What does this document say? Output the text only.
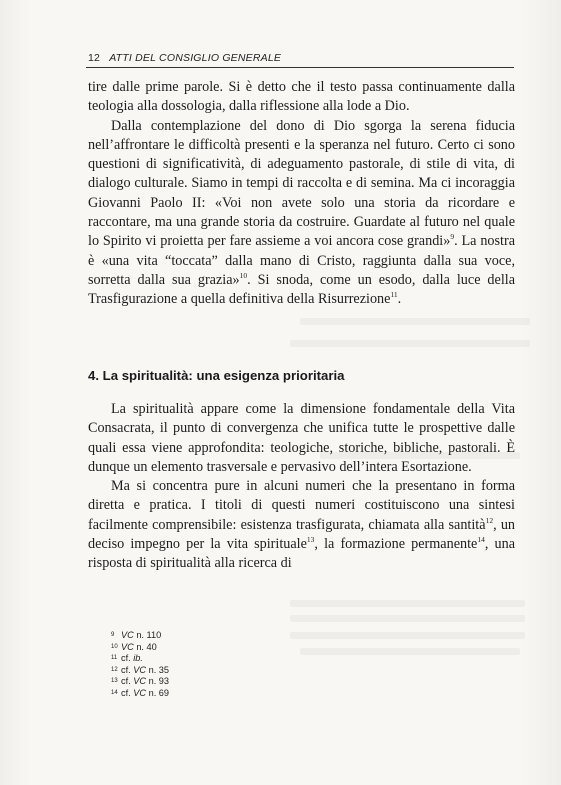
12 ATTI DEL CONSIGLIO GENERALE

tire dalle prime parole. Si è detto che il testo passa continuamente dalla teologia alla dossologia, dalla riflessione alla lode a Dio.

Dalla contemplazione del dono di Dio sgorga la serena fiducia nell’affrontare le difficoltà presenti e la speranza nel futuro. Certo ci sono questioni di significatività, di adeguamento pastorale, di stile di vita, di dialogo culturale. Siamo in tempi di raccolta e di semina. Ma ci incoraggia Giovanni Paolo II: «Voi non avete solo una storia da ricordare e raccontare, ma una grande storia da costruire. Guardate al futuro nel quale lo Spirito vi proietta per fare assieme a voi ancora cose grandi»$^9$. La nostra è «una vita “toccata” dalla mano di Cristo, raggiunta dalla sua voce, sorretta dalla sua grazia»$^{10}$. Si snoda, come un esodo, dalla luce della Trasfigurazione a quella definitiva della Risurrezione$^{11}$.

4. La spiritualità: una esigenza prioritaria

La spiritualità appare come la dimensione fondamentale della Vita Consacrata, il punto di convergenza che unifica tutte le prospettive dalle quali essa viene approfondita: teologiche, storiche, bibliche, pastorali. È dunque un elemento trasversale e pervasivo dell’intera Esortazione.

Ma si concentra pure in alcuni numeri che la presentano in forma diretta e pratica. I titoli di questi numeri costituiscono una sintesi facilmente comprensibile: esistenza trasfigurata, chiamata alla santità$^{12}$, un deciso impegno per la vita spirituale$^{13}$, la formazione permanente$^{14}$, una risposta di spiritualità alla ricerca di

9 VC n. 110
10 VC n. 40
11 cf. ib.
12 cf. VC n. 35
13 cf. VC n. 93
14 cf. VC n. 69
